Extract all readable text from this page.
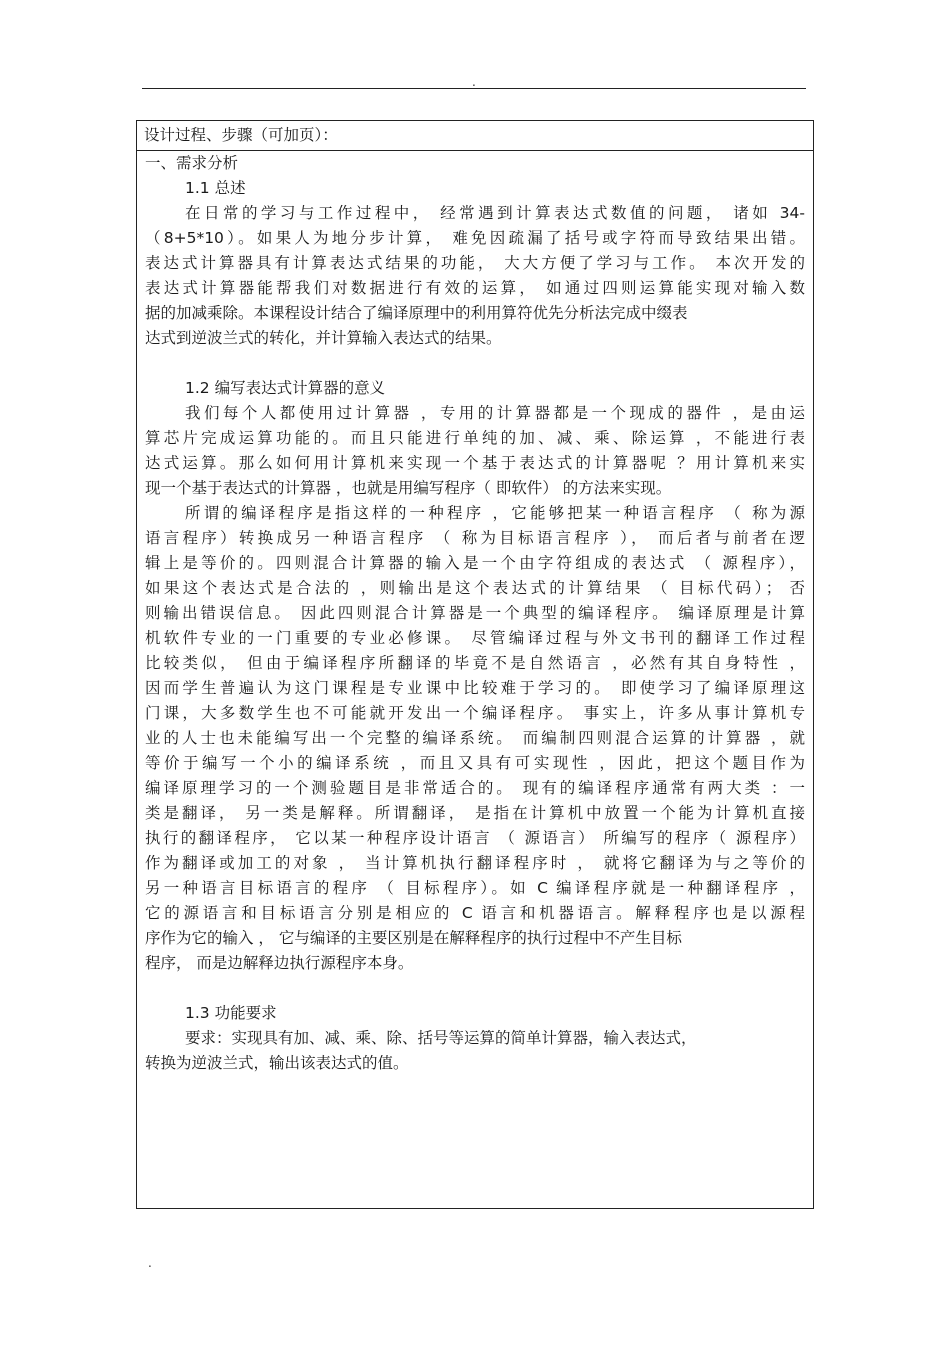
.
设计过程、步骤（可加页）：
一、需求分析
1.1 总述
在日常的学习与工作过程中， 经常遇到计算表达式数值的问题， 诸如 34-
（8+5*10）。如果人为地分步计算， 难免因疏漏了括号或字符而导致结果出错。
表达式计算器具有计算表达式结果的功能， 大大方便了学习与工作。 本次开发的
表达式计算器能帮我们对数据进行有效的运算， 如通过四则运算能实现对输入数
据的加减乘除。本课程设计结合了编译原理中的利用算符优先分析法完成中缀表
达式到逆波兰式的转化，并计算输入表达式的结果。
1.2 编写表达式计算器的意义
我们每个人都使用过计算器 ，专用的计算器都是一个现成的器件 ，是由运
算芯片完成运算功能的。而且只能进行单纯的加、减、乘、除运算 ，不能进行表
达式运算。那么如何用计算机来实现一个基于表达式的计算器呢 ？用计算机来实
现一个基于表达式的计算器 ，也就是用编写程序（ 即软件） 的方法来实现。
所谓的编译程序是指这样的一种程序 ，它能够把某一种语言程序 （ 称为源
语言程序）转换成另一种语言程序 （ 称为目标语言程序 ）， 而后者与前者在逻
辑上是等价的。四则混合计算器的输入是一个由字符组成的表达式 （ 源程序），
如果这个表达式是合法的 ，则输出是这个表达式的计算结果 （ 目标代码）； 否
则输出错误信息。 因此四则混合计算器是一个典型的编译程序。 编译原理是计算
机软件专业的一门重要的专业必修课。 尽管编译过程与外文书刊的翻译工作过程
比较类似， 但由于编译程序所翻译的毕竟不是自然语言 ，必然有其自身特性 ，
因而学生普遍认为这门课程是专业课中比较难于学习的。 即使学习了编译原理这
门课，大多数学生也不可能就开发出一个编译程序。 事实上，许多从事计算机专
业的人士也未能编写出一个完整的编译系统。 而编制四则混合运算的计算器 ，就
等价于编写一个小的编译系统 ，而且又具有可实现性 ，因此，把这个题目作为
编译原理学习的一个测验题目是非常适合的。 现有的编译程序通常有两大类 ：一
类是翻译， 另一类是解释。所谓翻译， 是指在计算机中放置一个能为计算机直接
执行的翻译程序， 它以某一种程序设计语言 （ 源语言） 所编写的程序（ 源程序）
作为翻译或加工的对象 ， 当计算机执行翻译程序时 ， 就将它翻译为与之等价的
另一种语言目标语言的程序 （ 目标程序）。如 C 编译程序就是一种翻译程序 ，
它的源语言和目标语言分别是相应的 C 语言和机器语言。解释程序也是以源程
序作为它的输入 ， 它与编译的主要区别是在解释程序的执行过程中不产生目标
程序， 而是边解释边执行源程序本身。
1.3 功能要求
要求：实现具有加、减、乘、除、括号等运算的简单计算器，输入表达式，
转换为逆波兰式，输出该表达式的值。
.
